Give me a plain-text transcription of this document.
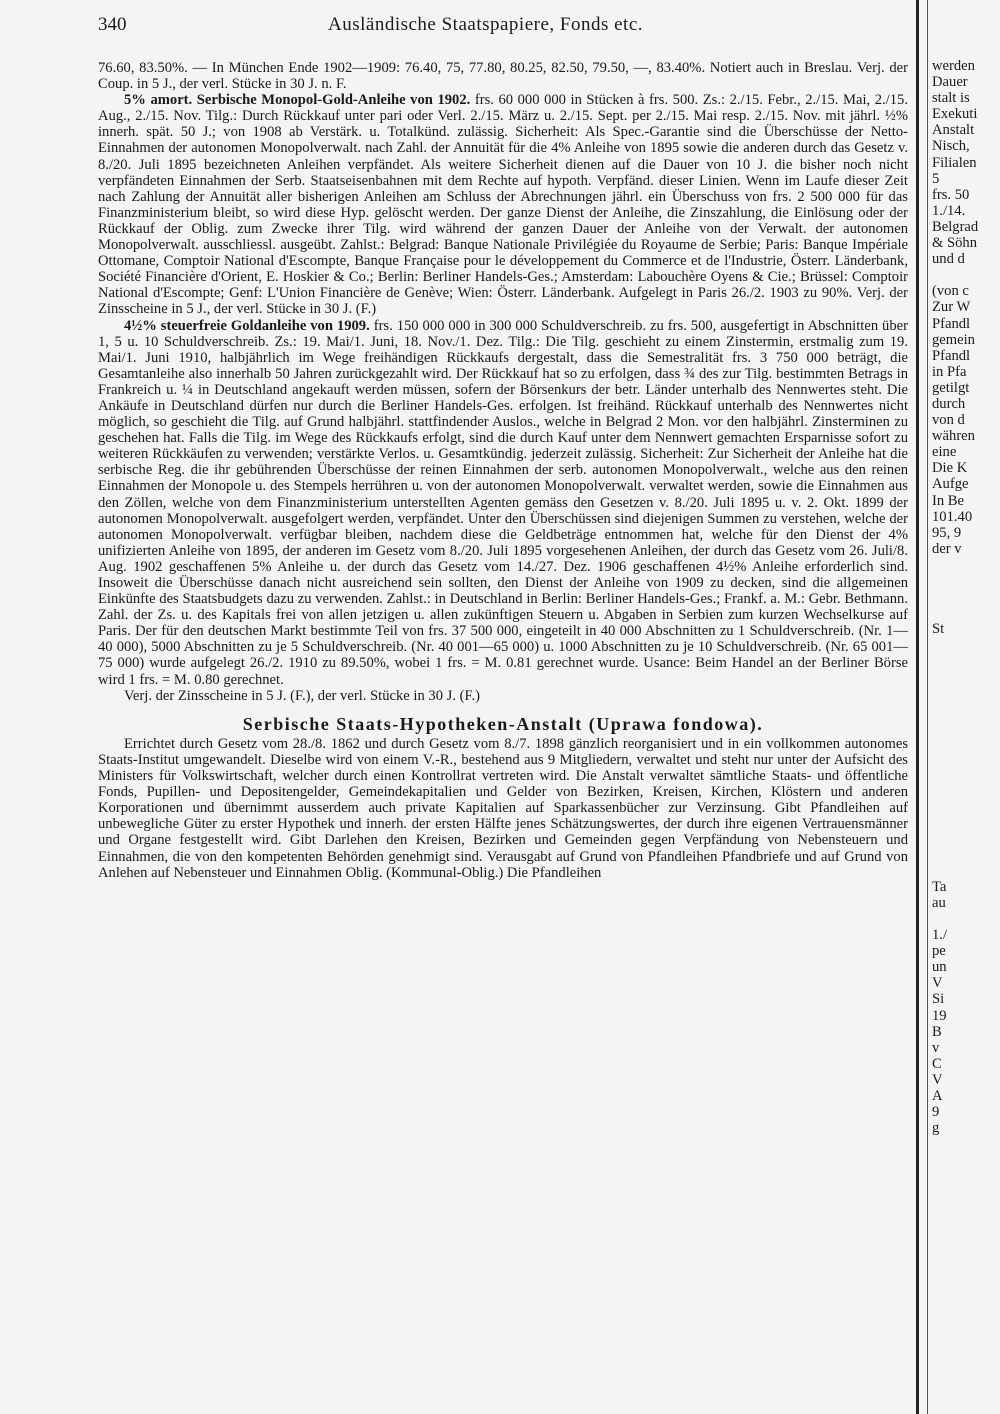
340	Ausländische Staatspapiere, Fonds etc.

76.60, 83.50%. — In München Ende 1902—1909: 76.40, 75, 77.80, 80.25, 82.50, 79.50, —, 83.40%. Notiert auch in Breslau. Verj. der Coup. in 5 J., der verl. Stücke in 30 J. n. F.

5% amort. Serbische Monopol-Gold-Anleihe von 1902. frs. 60 000 000 in Stücken à frs. 500. Zs.: 2./15. Febr., 2./15. Mai, 2./15. Aug., 2./15. Nov. Tilg.: Durch Rückkauf unter pari oder Verl. 2./15. März u. 2./15. Sept. per 2./15. Mai resp. 2./15. Nov. mit jährl. ½% innerh. spät. 50 J.; von 1908 ab Verstärk. u. Totalkünd. zulässig. Sicherheit: Als Spec.-Garantie sind die Überschüsse der Netto-Einnahmen der autonomen Monopolverwalt. nach Zahl. der Annuität für die 4% Anleihe von 1895 sowie die anderen durch das Gesetz v. 8./20. Juli 1895 bezeichneten Anleihen verpfändet. Als weitere Sicherheit dienen auf die Dauer von 10 J. die bisher noch nicht verpfändeten Einnahmen der Serb. Staatseisenbahnen mit dem Rechte auf hypoth. Verpfänd. dieser Linien. Wenn im Laufe dieser Zeit nach Zahlung der Annuität aller bisherigen Anleihen am Schluss der Abrechnungen jährl. ein Überschuss von frs. 2 500 000 für das Finanzministerium bleibt, so wird diese Hyp. gelöscht werden. Der ganze Dienst der Anleihe, die Zinszahlung, die Einlösung oder der Rückkauf der Oblig. zum Zwecke ihrer Tilg. wird während der ganzen Dauer der Anleihe von der Verwalt. der autonomen Monopolverwalt. ausschliessl. ausgeübt. Zahlst.: Belgrad: Banque Nationale Privilégiée du Royaume de Serbie; Paris: Banque Impériale Ottomane, Comptoir National d'Escompte, Banque Française pour le développement du Commerce et de l'Industrie, Österr. Länderbank, Société Financière d'Orient, E. Hoskier & Co.; Berlin: Berliner Handels-Ges.; Amsterdam: Labouchère Oyens & Cie.; Brüssel: Comptoir National d'Escompte; Genf: L'Union Financière de Genève; Wien: Österr. Länderbank. Aufgelegt in Paris 26./2. 1903 zu 90%. Verj. der Zinsscheine in 5 J., der verl. Stücke in 30 J. (F.)

4½% steuerfreie Goldanleihe von 1909. frs. 150 000 000 in 300 000 Schuldverschreib. zu frs. 500, ausgefertigt in Abschnitten über 1, 5 u. 10 Schuldverschreib. Zs.: 19. Mai/1. Juni, 18. Nov./1. Dez. Tilg.: Die Tilg. geschieht zu einem Zinstermin, erstmalig zum 19. Mai/1. Juni 1910, halbjährlich im Wege freihändigen Rückkaufs dergestalt, dass die Semestralität frs. 3 750 000 beträgt, die Gesamtanleihe also innerhalb 50 Jahren zurückgezahlt wird. Der Rückkauf hat so zu erfolgen, dass ¾ des zur Tilg. bestimmten Betrags in Frankreich u. ¼ in Deutschland angekauft werden müssen, sofern der Börsenkurs der betr. Länder unterhalb des Nennwertes steht. Die Ankäufe in Deutschland dürfen nur durch die Berliner Handels-Ges. erfolgen. Ist freihänd. Rückkauf unterhalb des Nennwertes nicht möglich, so geschieht die Tilg. auf Grund halbjährl. stattfindender Auslos., welche in Belgrad 2 Mon. vor den halbjährl. Zinsterminen zu geschehen hat. Falls die Tilg. im Wege des Rückkaufs erfolgt, sind die durch Kauf unter dem Nennwert gemachten Ersparnisse sofort zu weiteren Rückkäufen zu verwenden; verstärkte Verlos. u. Gesamtkündig. jederzeit zulässig. Sicherheit: Zur Sicherheit der Anleihe hat die serbische Reg. die ihr gebührenden Überschüsse der reinen Einnahmen der serb. autonomen Monopolverwalt., welche aus den reinen Einnahmen der Monopole u. des Stempels herrühren u. von der autonomen Monopolverwalt. verwaltet werden, sowie die Einnahmen aus den Zöllen, welche von dem Finanzministerium unterstellten Agenten gemäss den Gesetzen v. 8./20. Juli 1895 u. v. 2. Okt. 1899 der autonomen Monopolverwalt. ausgefolgert werden, verpfändet. Unter den Überschüssen sind diejenigen Summen zu verstehen, welche der autonomen Monopolverwalt. verfügbar bleiben, nachdem diese die Geldbeträge entnommen hat, welche für den Dienst der 4% unifizierten Anleihe von 1895, der anderen im Gesetz vom 8./20. Juli 1895 vorgesehenen Anleihen, der durch das Gesetz vom 26. Juli/8. Aug. 1902 geschaffenen 5% Anleihe u. der durch das Gesetz vom 14./27. Dez. 1906 geschaffenen 4½% Anleihe erforderlich sind. Insoweit die Überschüsse danach nicht ausreichend sein sollten, den Dienst der Anleihe von 1909 zu decken, sind die allgemeinen Einkünfte des Staatsbudgets dazu zu verwenden. Zahlst.: in Deutschland in Berlin: Berliner Handels-Ges.; Frankf. a. M.: Gebr. Bethmann. Zahl. der Zs. u. des Kapitals frei von allen jetzigen u. allen zukünftigen Steuern u. Abgaben in Serbien zum kurzen Wechselkurse auf Paris. Der für den deutschen Markt bestimmte Teil von frs. 37 500 000, eingeteilt in 40 000 Abschnitten zu 1 Schuldverschreib. (Nr. 1—40 000), 5000 Abschnitten zu je 5 Schuldverschreib. (Nr. 40 001—65 000) u. 1000 Abschnitten zu je 10 Schuldverschreib. (Nr. 65 001—75 000) wurde aufgelegt 26./2. 1910 zu 89.50%, wobei 1 frs. = M. 0.81 gerechnet wurde. Usance: Beim Handel an der Berliner Börse wird 1 frs. = M. 0.80 gerechnet.

Verj. der Zinsscheine in 5 J. (F.), der verl. Stücke in 30 J. (F.)

Serbische Staats-Hypotheken-Anstalt (Uprawa fondowa).

Errichtet durch Gesetz vom 28./8. 1862 und durch Gesetz vom 8./7. 1898 gänzlich reorganisiert und in ein vollkommen autonomes Staats-Institut umgewandelt. Dieselbe wird von einem V.-R., bestehend aus 9 Mitgliedern, verwaltet und steht nur unter der Aufsicht des Ministers für Volkswirtschaft, welcher durch einen Kontrollrat vertreten wird. Die Anstalt verwaltet sämtliche Staats- und öffentliche Fonds, Pupillen- und Depositengelder, Gemeindekapitalien und Gelder von Bezirken, Kreisen, Kirchen, Klöstern und anderen Korporationen und übernimmt ausserdem auch private Kapitalien auf Sparkassenbücher zur Verzinsung. Gibt Pfandleihen auf unbewegliche Güter zu erster Hypothek und innerh. der ersten Hälfte jenes Schätzungswertes, der durch ihre eigenen Vertrauensmänner und Organe festgestellt wird. Gibt Darlehen den Kreisen, Bezirken und Gemeinden gegen Verpfändung von Nebensteuern und Einnahmen, die von den kompetenten Behörden genehmigt sind. Verausgabt auf Grund von Pfandleihen Pfandbriefe und auf Grund von Anlehen auf Nebensteuer und Einnahmen Oblig. (Kommunal-Oblig.) Die Pfandleihen

werden
Dauer
stalt is
Exekuti
Anstalt
Nisch,
Filialen
5
frs. 50
1./14.
Belgrad
& Söhn
und d
(von c
Zur W
Pfandl
gemein
Pfandl
in Pfa
getilgt
durch
von d
währen
eine
Die K
Aufge
In Be
101.40
95, 9
der v
St
Ta
au
1./
pe
un
V
Si
19
B
v
C
V
A
9
g
